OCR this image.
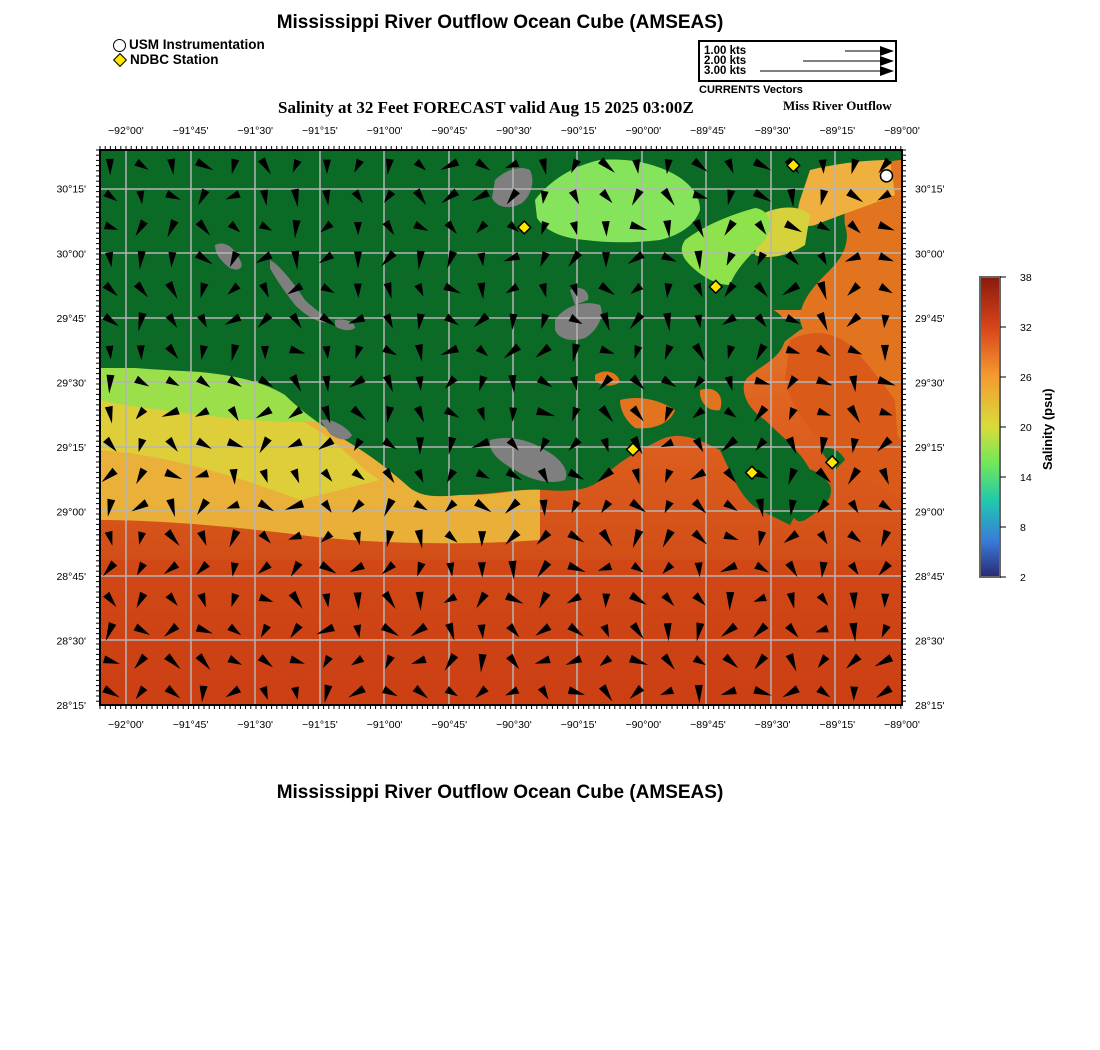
Mississippi River Outflow Ocean Cube (AMSEAS)
USM Instrumentation
NDBC Station
1.00 kts
2.00 kts
3.00 kts
CURRENTS Vectors
Salinity at 32 Feet FORECAST valid Aug 15 2025 03:00Z	Miss River Outflow
−92°00'	−91°45'	−91°30'	−91°15'	−91°00'	−90°45'	−90°30'	−90°15'	−90°00'	−89°45'	−89°30'	−89°15'	−89°00'
−92°00'	−91°45'	−91°30'	−91°15'	−91°00'	−90°45'	−90°30'	−90°15'	−90°00'	−89°45'	−89°30'	−89°15'	−89°00'
30°15'
30°00'
29°45'
29°30'
29°15'
29°00'
28°45'
28°30'
28°15'
30°15'
30°00'
29°45'
29°30'
29°15'
29°00'
28°45'
28°30'
28°15'
38
32
26
20
14
8
2
Salinity (psu)
Mississippi River Outflow Ocean Cube (AMSEAS)
